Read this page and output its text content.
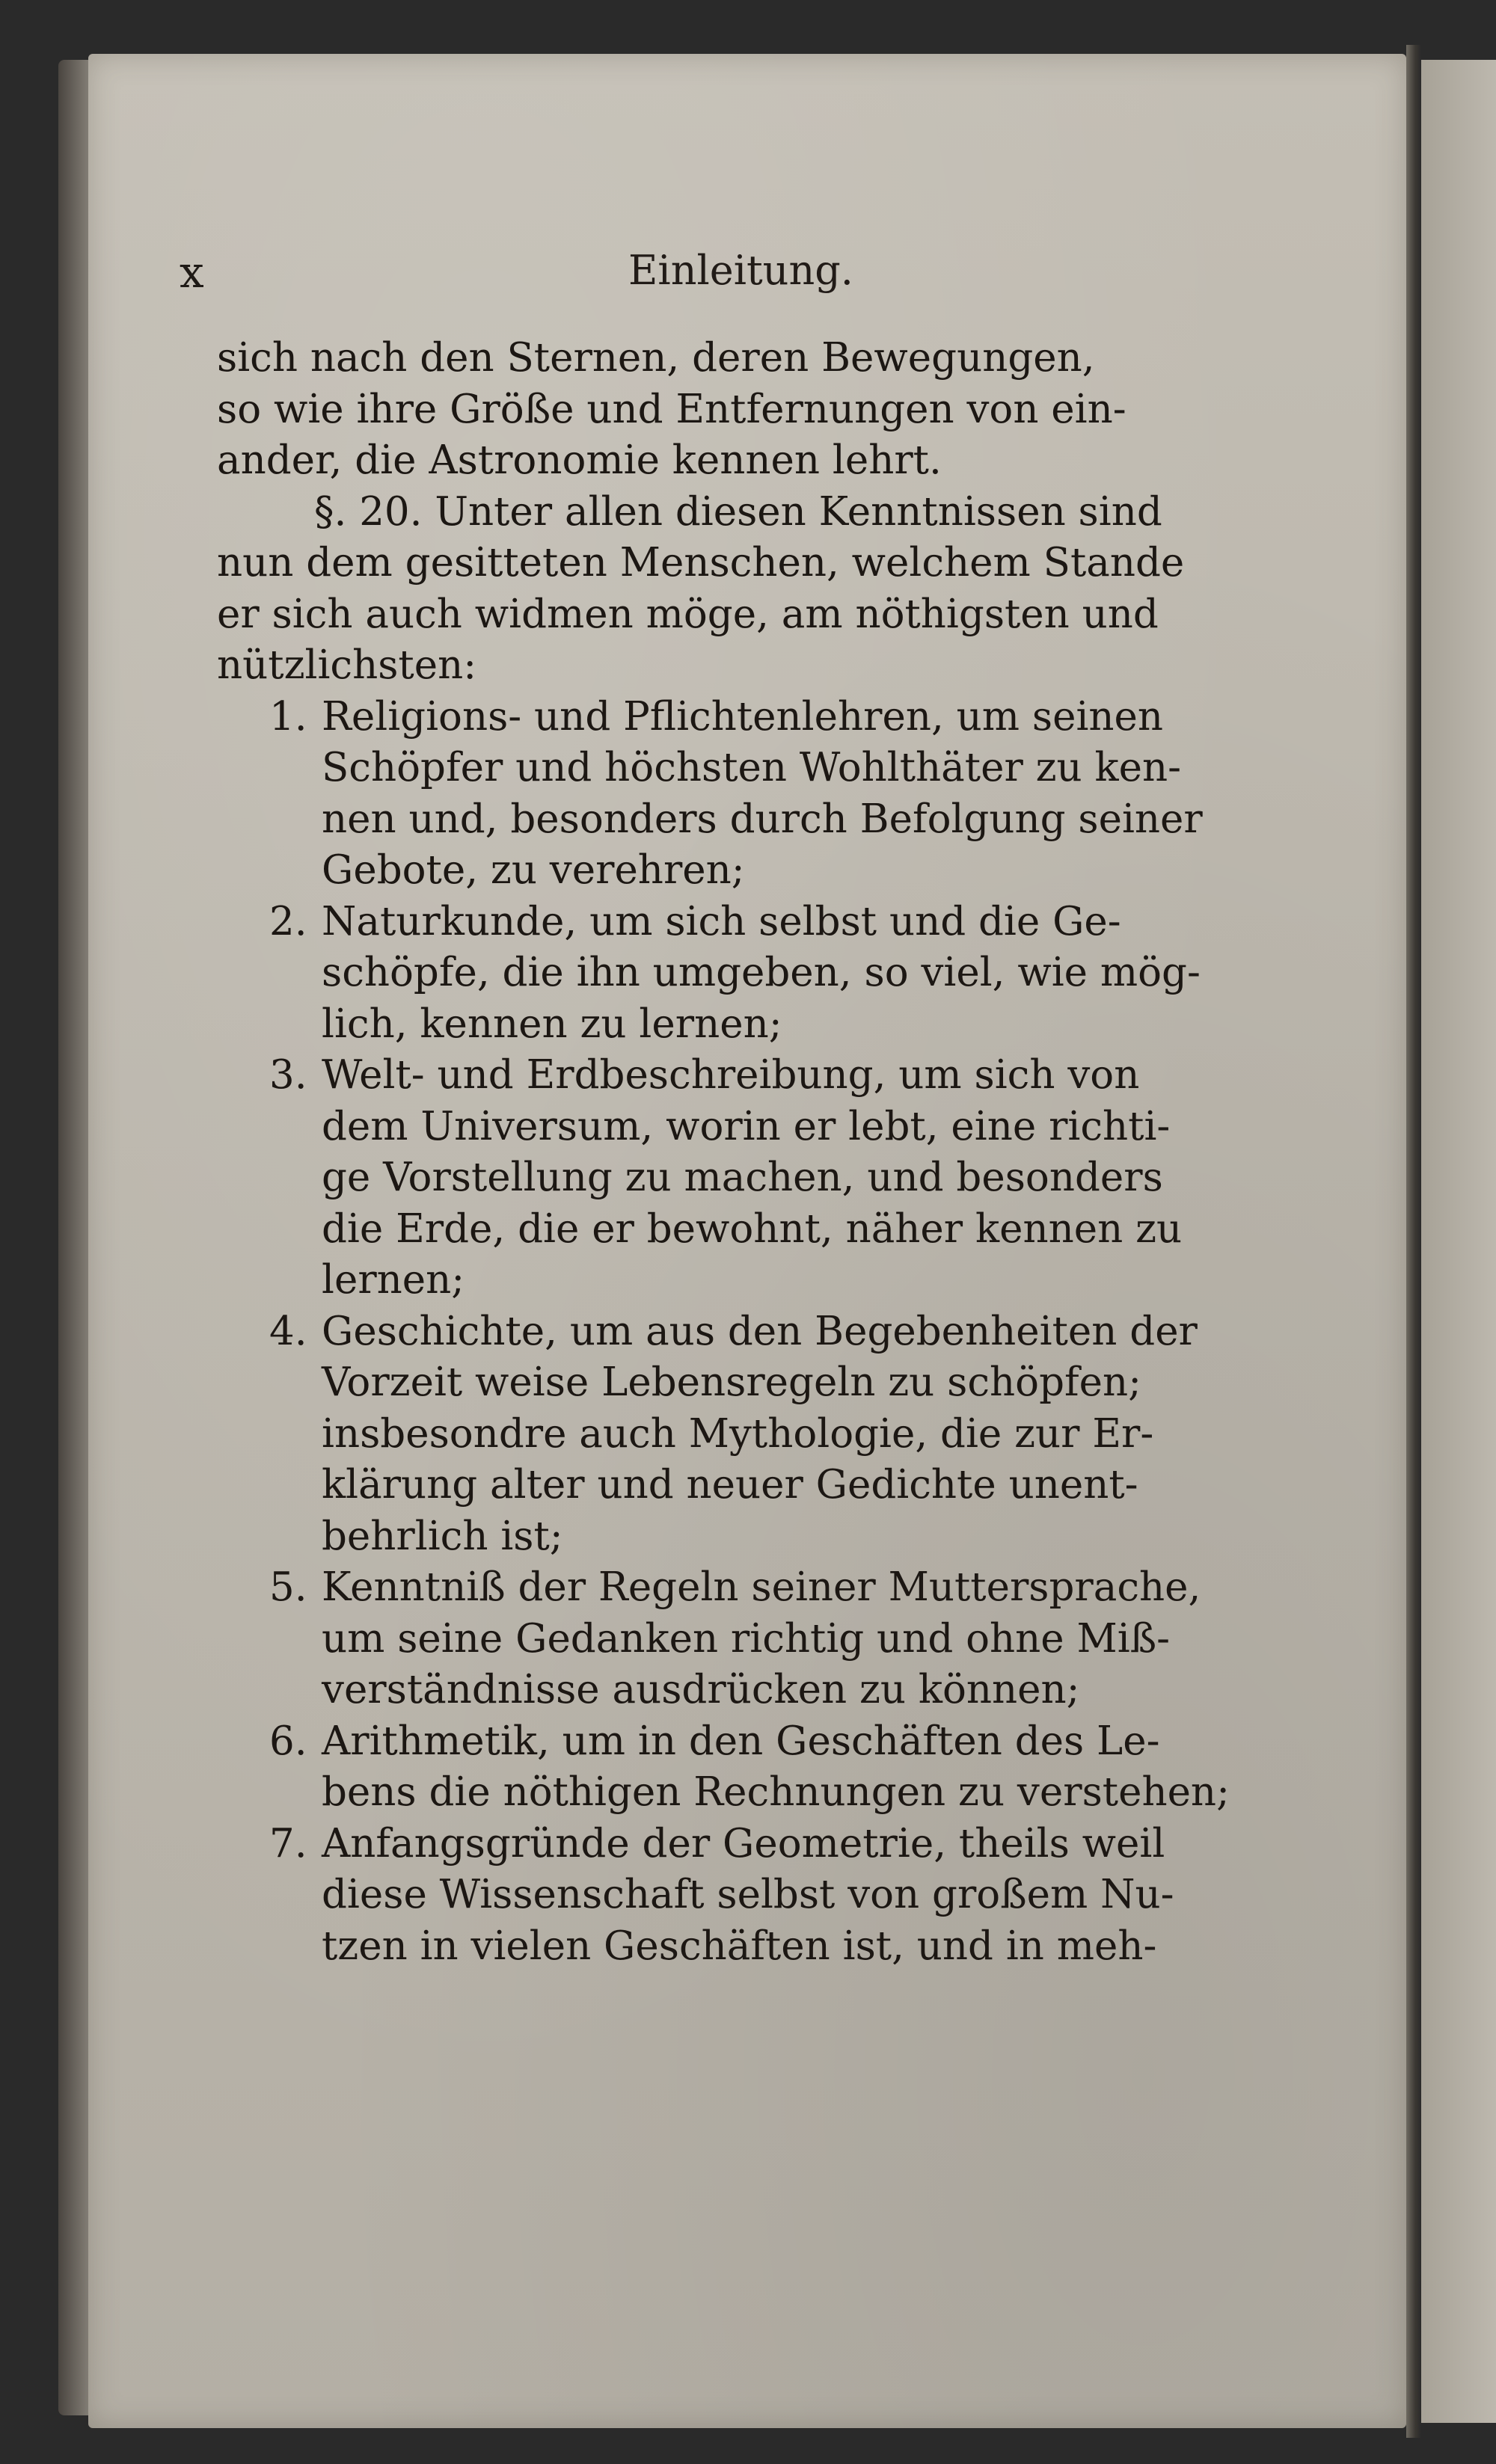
x	Einleitung.
sich nach den Sternen, deren Bewegungen,
so wie ihre Größe und Entfernungen von ein-
ander, die Astronomie kennen lehrt.
§. 20. Unter allen diesen Kenntnissen sind
nun dem gesitteten Menschen, welchem Stande
er sich auch widmen möge, am nöthigsten und
nützlichsten:
1. Religions- und Pflichtenlehren, um seinen
Schöpfer und höchsten Wohlthäter zu ken-
nen und, besonders durch Befolgung seiner
Gebote, zu verehren;
2. Naturkunde, um sich selbst und die Ge-
schöpfe, die ihn umgeben, so viel, wie mög-
lich, kennen zu lernen;
3. Welt- und Erdbeschreibung, um sich von
dem Universum, worin er lebt, eine richti-
ge Vorstellung zu machen, und besonders
die Erde, die er bewohnt, näher kennen zu
lernen;
4. Geschichte, um aus den Begebenheiten der
Vorzeit weise Lebensregeln zu schöpfen;
insbesondre auch Mythologie, die zur Er-
klärung alter und neuer Gedichte unent-
behrlich ist;
5. Kenntniß der Regeln seiner Muttersprache,
um seine Gedanken richtig und ohne Miß-
verständnisse ausdrücken zu können;
6. Arithmetik, um in den Geschäften des Le-
bens die nöthigen Rechnungen zu verstehen;
7. Anfangsgründe der Geometrie, theils weil
diese Wissenschaft selbst von großem Nu-
tzen in vielen Geschäften ist, und in meh-
